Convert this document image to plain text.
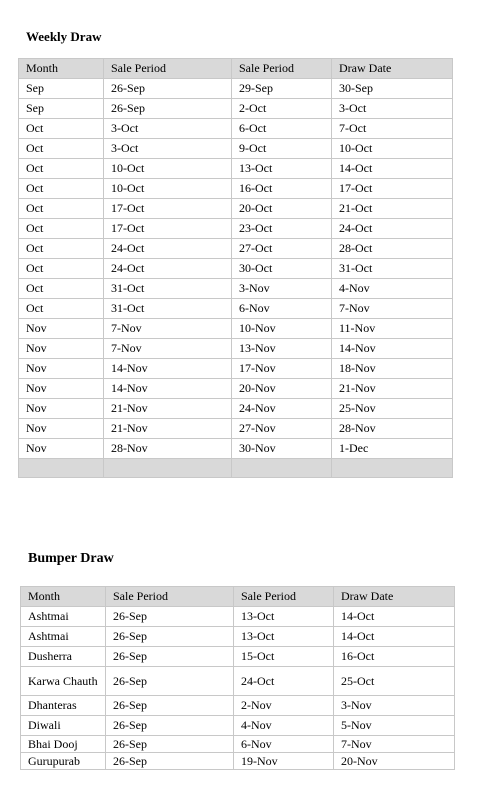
Weekly Draw
Month	Sale Period	Sale Period	Draw Date
Sep	26-Sep	29-Sep	30-Sep
Sep	26-Sep	2-Oct	3-Oct
Oct	3-Oct	6-Oct	7-Oct
Oct	3-Oct	9-Oct	10-Oct
Oct	10-Oct	13-Oct	14-Oct
Oct	10-Oct	16-Oct	17-Oct
Oct	17-Oct	20-Oct	21-Oct
Oct	17-Oct	23-Oct	24-Oct
Oct	24-Oct	27-Oct	28-Oct
Oct	24-Oct	30-Oct	31-Oct
Oct	31-Oct	3-Nov	4-Nov
Oct	31-Oct	6-Nov	7-Nov
Nov	7-Nov	10-Nov	11-Nov
Nov	7-Nov	13-Nov	14-Nov
Nov	14-Nov	17-Nov	18-Nov
Nov	14-Nov	20-Nov	21-Nov
Nov	21-Nov	24-Nov	25-Nov
Nov	21-Nov	27-Nov	28-Nov
Nov	28-Nov	30-Nov	1-Dec

Bumper Draw
Month	Sale Period	Sale Period	Draw Date
Ashtmai	26-Sep	13-Oct	14-Oct
Ashtmai	26-Sep	13-Oct	14-Oct
Dusherra	26-Sep	15-Oct	16-Oct
Karwa Chauth	26-Sep	24-Oct	25-Oct
Dhanteras	26-Sep	2-Nov	3-Nov
Diwali	26-Sep	4-Nov	5-Nov
Bhai Dooj	26-Sep	6-Nov	7-Nov
Gurupurab	26-Sep	19-Nov	20-Nov
